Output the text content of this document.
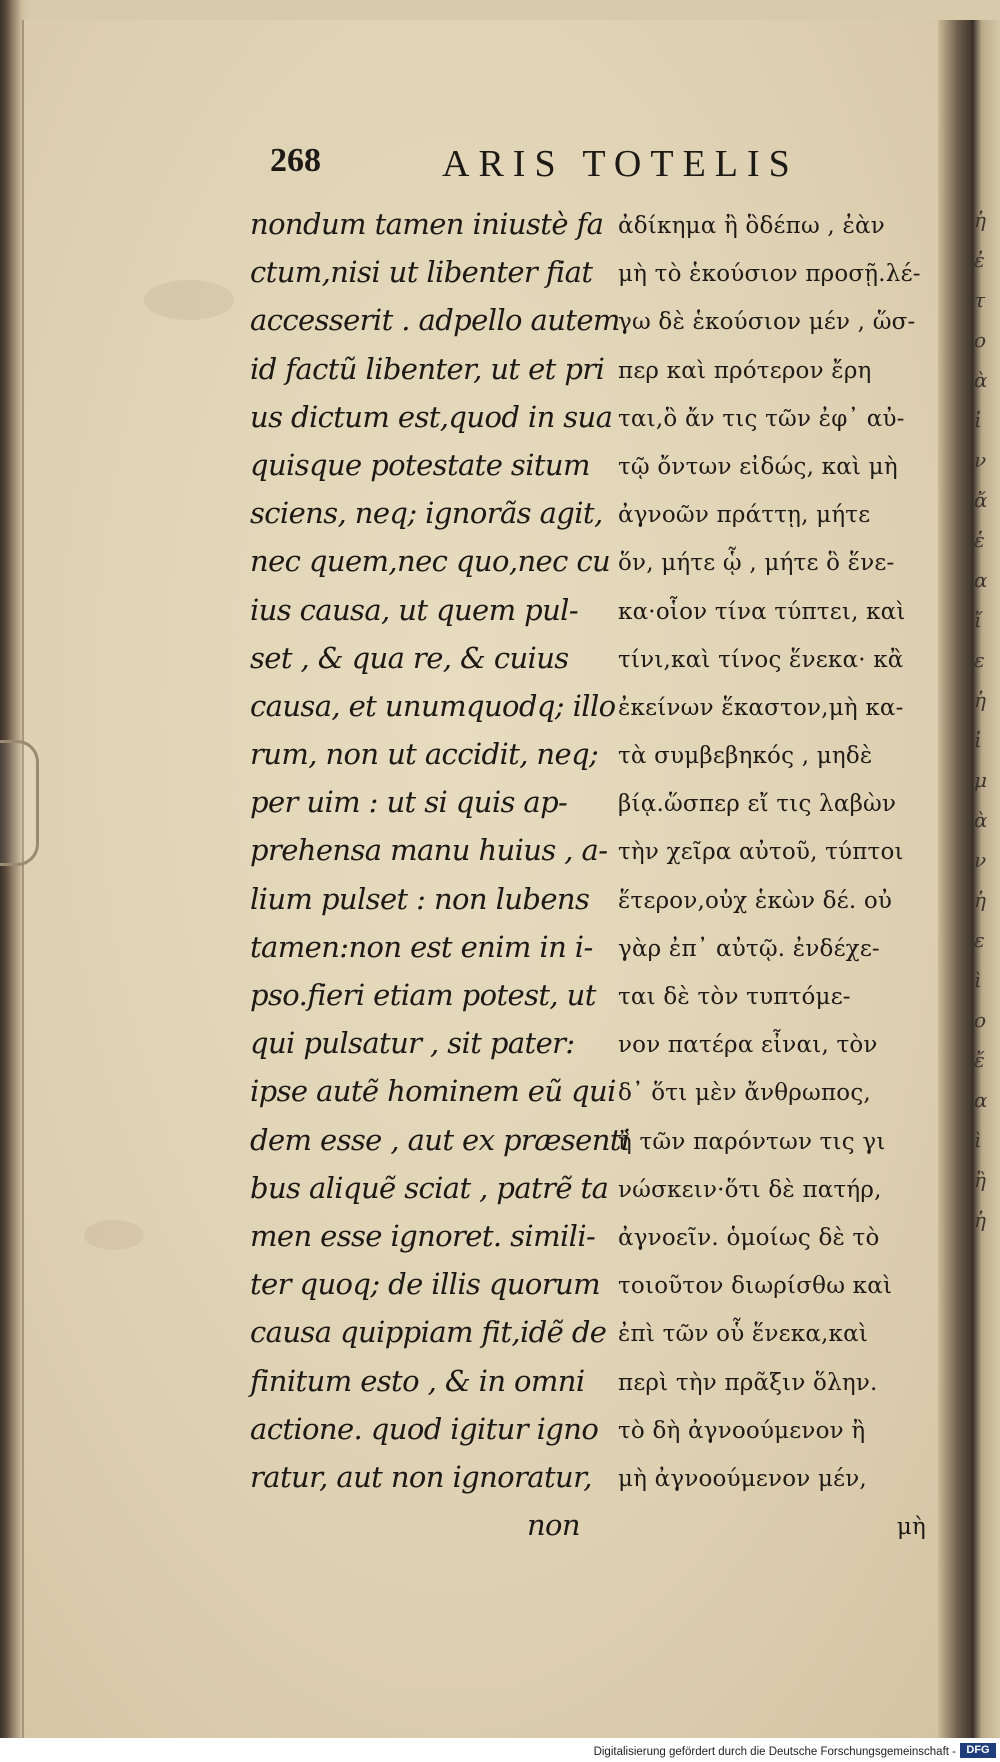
ἡ
ἐ
τ
ο
ὰ
ἰ
ν
ἄ
ἑ
α
ἴ
ε
ἡ
ἰ
μ
ὰ
ν
ἡ
ε
ὶ
ο
ἔ
α
ὶ
ἢ
ἡ
268	ARIS TOTELIS
nondum tamen iniustè fa
ctum,nisi ut libenter fiat
accesserit . adpello autem
id factũ libenter, ut et pri
us dictum est,quod in sua
quisque potestate situm
sciens, neq; ignorãs agit,
nec quem,nec quo,nec cu
ius causa, ut quem pul-
set , & qua re, & cuius
causa, et unumquodq; illo
rum, non ut accidit, neq;
per uim : ut si quis ap-
prehensa manu huius , a-
lium pulset : non lubens
tamen:non est enim in i-
pso.fieri etiam potest, ut
qui pulsatur , sit pater:
ipse autẽ hominem eũ qui
dem esse , aut ex præsenti
bus aliquẽ sciat , patrẽ ta
men esse ignoret. simili-
ter quoq; de illis quorum
causa quippiam fit,idẽ de
finitum esto , & in omni
actione. quod igitur igno
ratur, aut non ignoratur,
non
ἀδίκημα ἢ ὃδέπω , ἐὰν
μὴ τὸ ἑκούσιον προσῇ.λέ-
γω δὲ ἑκούσιον μέν , ὥσ-
περ καὶ πρότερον ἔρη
ται,ὃ ἄν τις τῶν ἐφ᾽ αὐ-
τῷ ὄντων εἰδώς, καὶ μὴ
ἀγνοῶν πράττῃ, μήτε
ὅν, μήτε ᾧ , μήτε ὃ ἕνε-
κα·οἷον τίνα τύπτει, καὶ
τίνι,καὶ τίνος ἕνεκα· κἂ
ἐκείνων ἕκαστον,μὴ κα-
τὰ συμβεβηκός , μηδὲ
βίᾳ.ὥσπερ εἴ τις λαβὼν
τὴν χεῖρα αὐτοῦ, τύπτοι
ἕτερον,οὐχ ἑκὼν δέ. οὐ
γὰρ ἐπ᾽ αὐτῷ. ἐνδέχε-
ται δὲ τὸν τυπτόμε-
νον πατέρα εἶναι, τὸν
δ᾽ ὅτι μὲν ἄνθρωπος,
ἢ τῶν παρόντων τις γι
νώσκειν·ὅτι δὲ πατήρ,
ἀγνοεῖν. ὁμοίως δὲ τὸ
τοιοῦτον διωρίσθω καὶ
ἐπὶ τῶν οὗ ἕνεκα,καὶ
περὶ τὴν πρᾶξιν ὅλην.
τὸ δὴ ἀγνοούμενον ἢ
μὴ ἀγνοούμενον μέν,
μὴ
Digitalisierung gefördert durch die Deutsche Forschungsgemeinschaft - DFG
